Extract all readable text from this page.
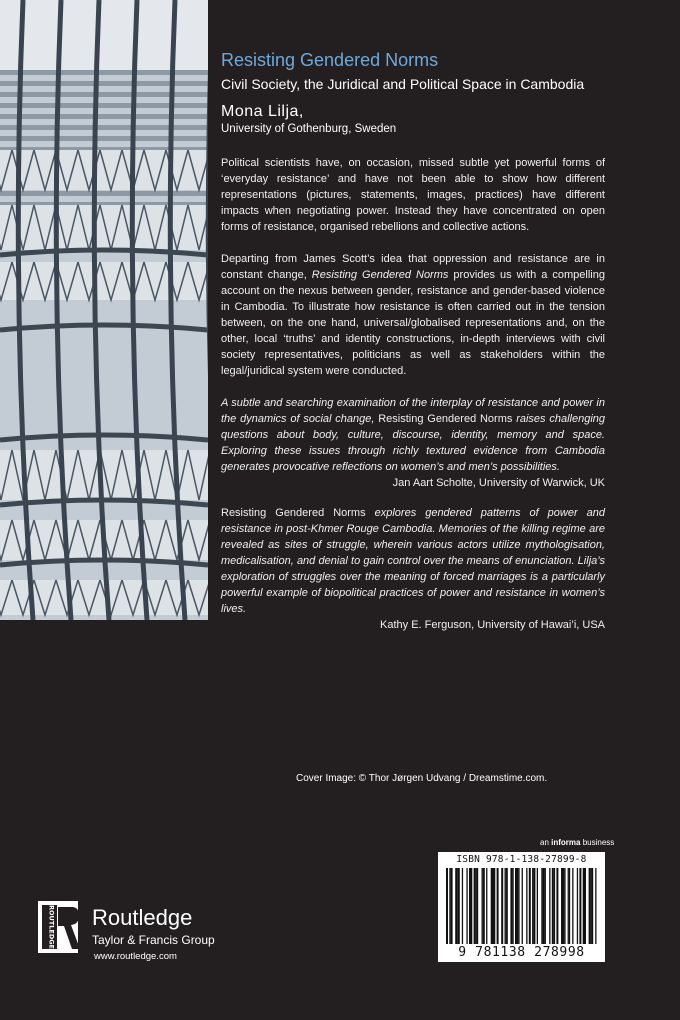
Resisting Gendered Norms
Civil Society, the Juridical and Political Space in Cambodia
Mona Lilja,
University of Gothenburg, Sweden
Political scientists have, on occasion, missed subtle yet powerful forms of ‘everyday resistance’ and have not been able to show how different representations (pictures, statements, images, practices) have different impacts when negotiating power. Instead they have concentrated on open forms of resistance, organised rebellions and collective actions.
Departing from James Scott’s idea that oppression and resistance are in constant change, Resisting Gendered Norms provides us with a compelling account on the nexus between gender, resistance and gender-based violence in Cambodia. To illustrate how resistance is often carried out in the tension between, on the one hand, universal/globalised representations and, on the other, local ‘truths’ and identity constructions, in-depth interviews with civil society representatives, politicians as well as stakeholders within the legal/juridical system were conducted.
A subtle and searching examination of the interplay of resistance and power in the dynamics of social change, Resisting Gendered Norms raises challenging questions about body, culture, discourse, identity, memory and space. Exploring these issues through richly textured evidence from Cambodia generates provocative reflections on women’s and men’s possibilities.
Jan Aart Scholte, University of Warwick, UK
Resisting Gendered Norms explores gendered patterns of power and resistance in post-Khmer Rouge Cambodia. Memories of the killing regime are revealed as sites of struggle, wherein various actors utilize mythologisation, medicalisation, and denial to gain control over the means of enunciation. Lilja’s exploration of struggles over the meaning of forced marriages is a particularly powerful example of biopolitical practices of power and resistance in women’s lives.
Kathy E. Ferguson, University of Hawai’i, USA
Cover Image: © Thor Jørgen Udvang / Dreamstime.com.
an informa business
ISBN 978-1-138-27899-8
9 781138 278998
ROUTLEDGE Routledge
Taylor & Francis Group
www.routledge.com
